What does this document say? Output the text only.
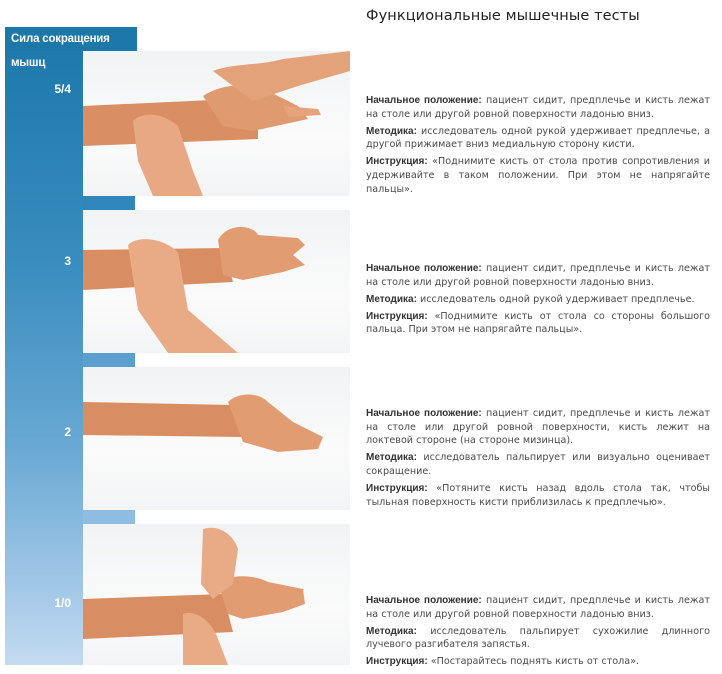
Функциональные мышечные тесты
5/4
3
2
1/0
Сила сокращения мышц

Начальное положение: пациент сидит, предплечье и кисть лежат на столе или другой ровной поверхности ладонью вниз.

Методика: исследователь одной рукой удерживает предплечье, а другой прижимает вниз медиальную сторону кисти.

Инструкция: «Поднимите кисть от стола против сопротивления и удерживайте в таком положении. При этом не напрягайте пальцы».

Начальное положение: пациент сидит, предплечье и кисть лежат на столе или другой ровной поверхности ладонью вниз.

Методика: исследователь одной рукой удерживает предплечье.

Инструкция: «Поднимите кисть от стола со стороны большого пальца. При этом не напрягайте пальцы».

Начальное положение: пациент сидит, предплечье и кисть лежат на столе или другой ровной поверхности, кисть лежит на локтевой стороне (на стороне мизинца).

Методика: исследователь пальпирует или визуально оценивает сокращение.

Инструкция: «Потяните кисть назад вдоль стола так, чтобы тыльная поверхность кисти приблизилась к предплечью».

Начальное положение: пациент сидит, предплечье и кисть лежат на столе или другой ровной поверхности ладонью вниз.

Методика: исследователь пальпирует сухожилие длинного лучевого разгибателя запястья.

Инструкция: «Постарайтесь поднять кисть от стола».
